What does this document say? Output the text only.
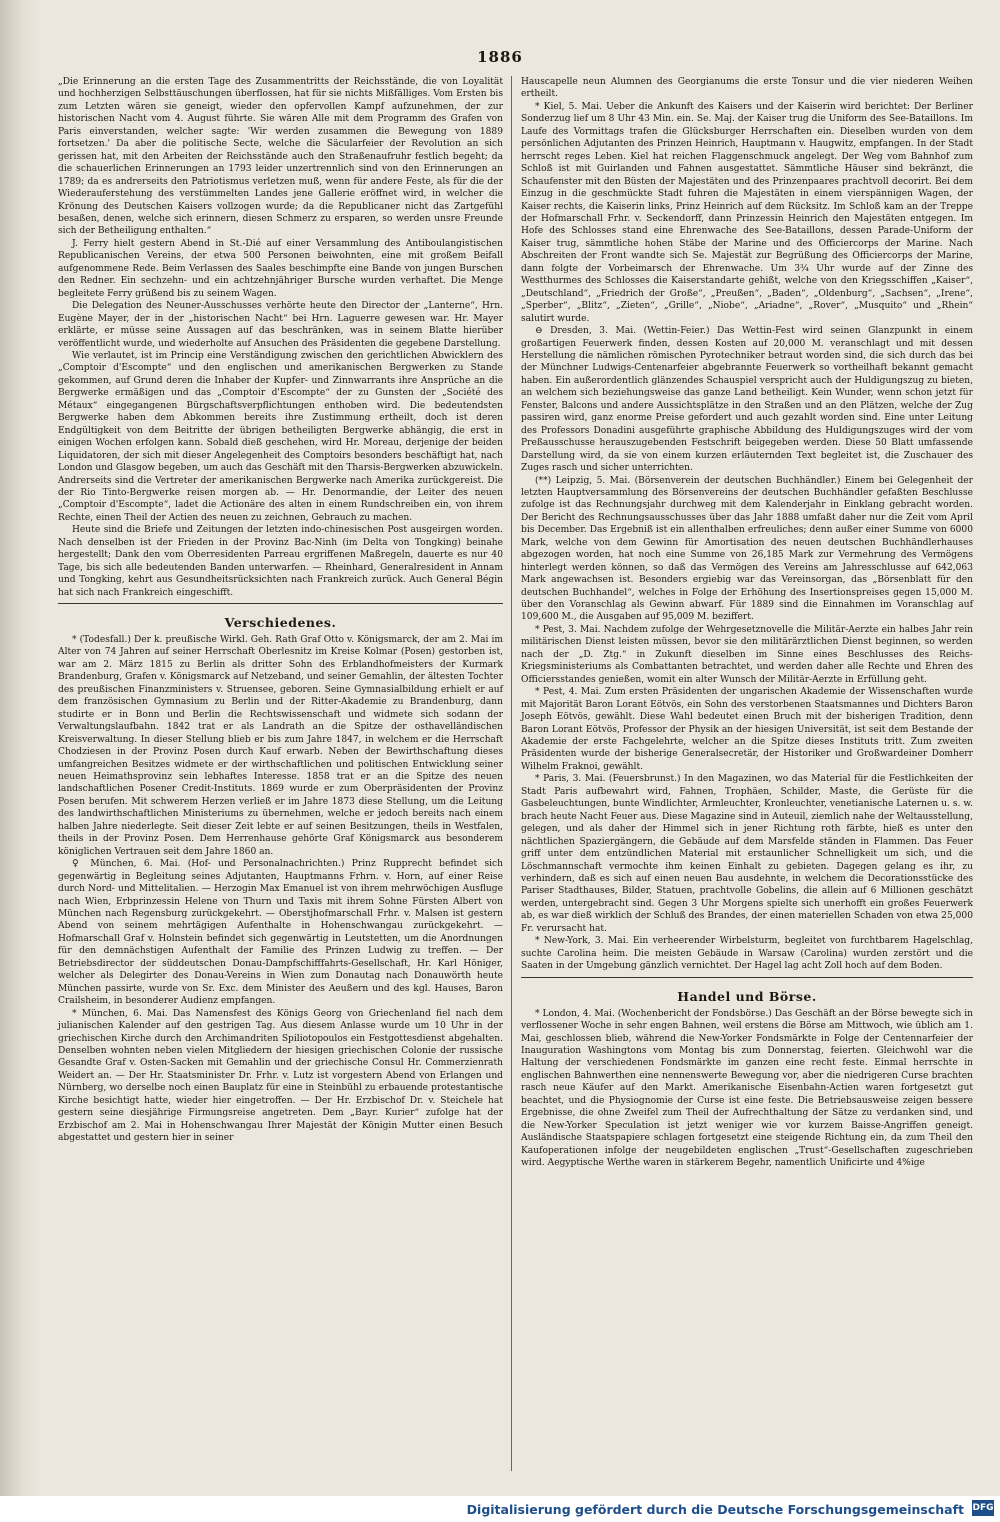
1886

„Die Erinnerung an die ersten Tage des Zusammentritts der Reichsstände, die von Loyalität und hochherzigen Selbsttäuschungen überflossen, hat für sie nichts Mißfälliges. Vom Ersten bis zum Letzten wären sie geneigt, wieder den opfervollen Kampf aufzunehmen, der zur historischen Nacht vom 4. August führte. Sie wären Alle mit dem Programm des Grafen von Paris einverstanden, welcher sagte: 'Wir werden zusammen die Bewegung von 1889 fortsetzen.' Da aber die politische Secte, welche die Säcularfeier der Revolution an sich gerissen hat, mit den Arbeiten der Reichsstände auch den Straßenaufruhr festlich begeht; da die schauerlichen Erinnerungen an 1793 leider unzertrennlich sind von den Erinnerungen an 1789; da es andrerseits den Patriotismus verletzen muß, wenn für andere Feste, als für die der Wiederauferstehung des verstümmelten Landes jene Gallerie eröffnet wird, in welcher die Krönung des Deutschen Kaisers vollzogen wurde; da die Republicaner nicht das Zartgefühl besaßen, denen, welche sich erinnern, diesen Schmerz zu ersparen, so werden unsre Freunde sich der Betheiligung enthalten.“

J. Ferry hielt gestern Abend in St.-Dié auf einer Versammlung des Antiboulangistischen Republicanischen Vereins, der etwa 500 Personen beiwohnten, eine mit großem Beifall aufgenommene Rede. Beim Verlassen des Saales beschimpfte eine Bande von jungen Burschen den Redner. Ein sechzehn- und ein achtzehnjähriger Bursche wurden verhaftet. Die Menge begleitete Ferry grüßend bis zu seinem Wagen.

Die Delegation des Neuner-Ausschusses verhörte heute den Director der „Lanterne“, Hrn. Eugène Mayer, der in der „historischen Nacht“ bei Hrn. Laguerre gewesen war. Hr. Mayer erklärte, er müsse seine Aussagen auf das beschränken, was in seinem Blatte hierüber veröffentlicht wurde, und wiederholte auf Ansuchen des Präsidenten die gegebene Darstellung.

Wie verlautet, ist im Princip eine Verständigung zwischen den gerichtlichen Abwicklern des „Comptoir d'Escompte“ und den englischen und amerikanischen Bergwerken zu Stande gekommen, auf Grund deren die Inhaber der Kupfer- und Zinnwarrants ihre Ansprüche an die Bergwerke ermäßigen und das „Comptoir d'Escompte“ der zu Gunsten der „Société des Métaux“ eingegangenen Bürgschaftsverpflichtungen enthoben wird. Die bedeutendsten Bergwerke haben dem Abkommen bereits ihre Zustimmung ertheilt, doch ist deren Endgültigkeit von dem Beitritte der übrigen betheiligten Bergwerke abhängig, die erst in einigen Wochen erfolgen kann. Sobald dieß geschehen, wird Hr. Moreau, derjenige der beiden Liquidatoren, der sich mit dieser Angelegenheit des Comptoirs besonders beschäftigt hat, nach London und Glasgow begeben, um auch das Geschäft mit den Tharsis-Bergwerken abzuwickeln. Andrerseits sind die Vertreter der amerikanischen Bergwerke nach Amerika zurückgereist. Die der Rio Tinto-Bergwerke reisen morgen ab. — Hr. Denormandie, der Leiter des neuen „Comptoir d'Escompte“, ladet die Actionäre des alten in einem Rundschreiben ein, von ihrem Rechte, einen Theil der Actien des neuen zu zeichnen, Gebrauch zu machen.

Heute sind die Briefe und Zeitungen der letzten indo-chinesischen Post ausgeirgen worden. Nach denselben ist der Frieden in der Provinz Bac-Ninh (im Delta von Tongking) beinahe hergestellt; Dank den vom Oberresidenten Parreau ergriffenen Maßregeln, dauerte es nur 40 Tage, bis sich alle bedeutenden Banden unterwarfen. — Rheinhard, Generalresident in Annam und Tongking, kehrt aus Gesundheitsrücksichten nach Frankreich zurück. Auch General Bégin hat sich nach Frankreich eingeschifft.

Verschiedenes.

* (Todesfall.) Der k. preußische Wirkl. Geh. Rath Graf Otto v. Königsmarck, der am 2. Mai im Alter von 74 Jahren auf seiner Herrschaft Oberlesnitz im Kreise Kolmar (Posen) gestorben ist, war am 2. März 1815 zu Berlin als dritter Sohn des Erblandhofmeisters der Kurmark Brandenburg, Grafen v. Königsmarck auf Netzeband, und seiner Gemahlin, der ältesten Tochter des preußischen Finanzministers v. Struensee, geboren. Seine Gymnasialbildung erhielt er auf dem französischen Gymnasium zu Berlin und der Ritter-Akademie zu Brandenburg, dann studirte er in Bonn und Berlin die Rechtswissenschaft und widmete sich sodann der Verwaltungslaufbahn. 1842 trat er als Landrath an die Spitze der osthavelländischen Kreisverwaltung. In dieser Stellung blieb er bis zum Jahre 1847, in welchem er die Herrschaft Chodziesen in der Provinz Posen durch Kauf erwarb. Neben der Bewirthschaftung dieses umfangreichen Besitzes widmete er der wirthschaftlichen und politischen Entwicklung seiner neuen Heimathsprovinz sein lebhaftes Interesse. 1858 trat er an die Spitze des neuen landschaftlichen Posener Credit-Instituts. 1869 wurde er zum Oberpräsidenten der Provinz Posen berufen. Mit schwerem Herzen verließ er im Jahre 1873 diese Stellung, um die Leitung des landwirthschaftlichen Ministeriums zu übernehmen, welche er jedoch bereits nach einem halben Jahre niederlegte. Seit dieser Zeit lebte er auf seinen Besitzungen, theils in Westfalen, theils in der Provinz Posen. Dem Herrenhause gehörte Graf Königsmarck aus besonderem königlichen Vertrauen seit dem Jahre 1860 an.

♀ München, 6. Mai. (Hof- und Personalnachrichten.) Prinz Rupprecht befindet sich gegenwärtig in Begleitung seines Adjutanten, Hauptmanns Frhrn. v. Horn, auf einer Reise durch Nord- und Mittelitalien. — Herzogin Max Emanuel ist von ihrem mehrwöchigen Ausfluge nach Wien, Erbprinzessin Helene von Thurn und Taxis mit ihrem Sohne Fürsten Albert von München nach Regensburg zurückgekehrt. — Oberstjhofmarschall Frhr. v. Malsen ist gestern Abend von seinem mehrtägigen Aufenthalte in Hohenschwangau zurückgekehrt. — Hofmarschall Graf v. Holnstein befindet sich gegenwärtig in Leutstetten, um die Anordnungen für den demnächstigen Aufenthalt der Familie des Prinzen Ludwig zu treffen. — Der Betriebsdirector der süddeutschen Donau-Dampfschifffahrts-Gesellschaft, Hr. Karl Höniger, welcher als Delegirter des Donau-Vereins in Wien zum Donautag nach Donauwörth heute München passirte, wurde von Sr. Exc. dem Minister des Aeußern und des kgl. Hauses, Baron Crailsheim, in besonderer Audienz empfangen.

* München, 6. Mai. Das Namensfest des Königs Georg von Griechenland fiel nach dem julianischen Kalender auf den gestrigen Tag. Aus diesem Anlasse wurde um 10 Uhr in der griechischen Kirche durch den Archimandriten Spiliotopoulos ein Festgottesdienst abgehalten. Denselben wohnten neben vielen Mitgliedern der hiesigen griechischen Colonie der russische Gesandte Graf v. Osten-Sacken mit Gemahlin und der griechische Consul Hr. Commerzienrath Weidert an. — Der Hr. Staatsminister Dr. Frhr. v. Lutz ist vorgestern Abend von Erlangen und Nürnberg, wo derselbe noch einen Bauplatz für eine in Steinbühl zu erbauende protestantische Kirche besichtigt hatte, wieder hier eingetroffen. — Der Hr. Erzbischof Dr. v. Steichele hat gestern seine diesjährige Firmungsreise angetreten. Dem „Bayr. Kurier“ zufolge hat der Erzbischof am 2. Mai in Hohenschwangau Ihrer Majestät der Königin Mutter einen Besuch abgestattet und gestern hier in seiner

Hauscapelle neun Alumnen des Georgianums die erste Tonsur und die vier niederen Weihen ertheilt.

* Kiel, 5. Mai. Ueber die Ankunft des Kaisers und der Kaiserin wird berichtet: Der Berliner Sonderzug lief um 8 Uhr 43 Min. ein. Se. Maj. der Kaiser trug die Uniform des See-Bataillons. Im Laufe des Vormittags trafen die Glücksburger Herrschaften ein. Dieselben wurden von dem persönlichen Adjutanten des Prinzen Heinrich, Hauptmann v. Haugwitz, empfangen. In der Stadt herrscht reges Leben. Kiel hat reichen Flaggenschmuck angelegt. Der Weg vom Bahnhof zum Schloß ist mit Guirlanden und Fahnen ausgestattet. Sämmtliche Häuser sind bekränzt, die Schaufenster mit den Büsten der Majestäten und des Prinzenpaares prachtvoll decorirt. Bei dem Einzug in die geschmückte Stadt fuhren die Majestäten in einem vierspännigen Wagen, der Kaiser rechts, die Kaiserin links, Prinz Heinrich auf dem Rücksitz. Im Schloß kam an der Treppe der Hofmarschall Frhr. v. Seckendorff, dann Prinzessin Heinrich den Majestäten entgegen. Im Hofe des Schlosses stand eine Ehrenwache des See-Bataillons, dessen Parade-Uniform der Kaiser trug, sämmtliche hohen Stäbe der Marine und des Officiercorps der Marine. Nach Abschreiten der Front wandte sich Se. Majestät zur Begrüßung des Officiercorps der Marine, dann folgte der Vorbeimarsch der Ehrenwache. Um 3¾ Uhr wurde auf der Zinne des Westthurmes des Schlosses die Kaiserstandarte gehißt, welche von den Kriegsschiffen „Kaiser“, „Deutschland“, „Friedrich der Große“, „Preußen“, „Baden“, „Oldenburg“, „Sachsen“, „Irene“, „Sperber“, „Blitz“, „Zieten“, „Grille“, „Niobe“, „Ariadne“, „Rover“, „Musquito“ und „Rhein“ salutirt wurde.

⊖ Dresden, 3. Mai. (Wettin-Feier.) Das Wettin-Fest wird seinen Glanzpunkt in einem großartigen Feuerwerk finden, dessen Kosten auf 20,000 M. veranschlagt und mit dessen Herstellung die nämlichen römischen Pyrotechniker betraut worden sind, die sich durch das bei der Münchner Ludwigs-Centenarfeier abgebrannte Feuerwerk so vortheilhaft bekannt gemacht haben. Ein außerordentlich glänzendes Schauspiel verspricht auch der Huldigungszug zu bieten, an welchem sich beziehungsweise das ganze Land betheiligt. Kein Wunder, wenn schon jetzt für Fenster, Balcons und andere Aussichtsplätze in den Straßen und an den Plätzen, welche der Zug passiren wird, ganz enorme Preise gefordert und auch gezahlt worden sind. Eine unter Leitung des Professors Donadini ausgeführte graphische Abbildung des Huldigungszuges wird der vom Preßausschusse herauszugebenden Festschrift beigegeben werden. Diese 50 Blatt umfassende Darstellung wird, da sie von einem kurzen erläuternden Text begleitet ist, die Zuschauer des Zuges rasch und sicher unterrichten.

(**) Leipzig, 5. Mai. (Börsenverein der deutschen Buchhändler.) Einem bei Gelegenheit der letzten Hauptversammlung des Börsenvereins der deutschen Buchhändler gefaßten Beschlusse zufolge ist das Rechnungsjahr durchweg mit dem Kalenderjahr in Einklang gebracht worden. Der Bericht des Rechnungsausschusses über das Jahr 1888 umfaßt daher nur die Zeit vom April bis December. Das Ergebniß ist ein allenthalben erfreuliches; denn außer einer Summe von 6000 Mark, welche von dem Gewinn für Amortisation des neuen deutschen Buchhändlerhauses abgezogen worden, hat noch eine Summe von 26,185 Mark zur Vermehrung des Vermögens hinterlegt werden können, so daß das Vermögen des Vereins am Jahresschlusse auf 642,063 Mark angewachsen ist. Besonders ergiebig war das Vereinsorgan, das „Börsenblatt für den deutschen Buchhandel“, welches in Folge der Erhöhung des Insertionspreises gegen 15,000 M. über den Voranschlag als Gewinn abwarf. Für 1889 sind die Einnahmen im Voranschlag auf 109,600 M., die Ausgaben auf 95,009 M. beziffert.

* Pest, 3. Mai. Nachdem zufolge der Wehrgesetznovelle die Militär-Aerzte ein halbes Jahr rein militärischen Dienst leisten müssen, bevor sie den militärärztlichen Dienst beginnen, so werden nach der „D. Ztg.“ in Zukunft dieselben im Sinne eines Beschlusses des Reichs-Kriegsministeriums als Combattanten betrachtet, und werden daher alle Rechte und Ehren des Officiersstandes genießen, womit ein alter Wunsch der Militär-Aerzte in Erfüllung geht.

* Pest, 4. Mai. Zum ersten Präsidenten der ungarischen Akademie der Wissenschaften wurde mit Majorität Baron Lorant Eötvös, ein Sohn des verstorbenen Staatsmannes und Dichters Baron Joseph Eötvös, gewählt. Diese Wahl bedeutet einen Bruch mit der bisherigen Tradition, denn Baron Lorant Eötvös, Professor der Physik an der hiesigen Universität, ist seit dem Bestande der Akademie der erste Fachgelehrte, welcher an die Spitze dieses Instituts tritt. Zum zweiten Präsidenten wurde der bisherige Generalsecretär, der Historiker und Großwardeiner Domherr Wilhelm Fraknoi, gewählt.

* Paris, 3. Mai. (Feuersbrunst.) In den Magazinen, wo das Material für die Festlichkeiten der Stadt Paris aufbewahrt wird, Fahnen, Trophäen, Schilder, Maste, die Gerüste für die Gasbeleuchtungen, bunte Windlichter, Armleuchter, Kronleuchter, venetianische Laternen u. s. w. brach heute Nacht Feuer aus. Diese Magazine sind in Auteuil, ziemlich nahe der Weltausstellung, gelegen, und als daher der Himmel sich in jener Richtung roth färbte, hieß es unter den nächtlichen Spaziergängern, die Gebäude auf dem Marsfelde ständen in Flammen. Das Feuer griff unter dem entzündlichen Material mit erstaunlicher Schnelligkeit um sich, und die Löschmannschaft vermochte ihm keinen Einhalt zu gebieten. Dagegen gelang es ihr, zu verhindern, daß es sich auf einen neuen Bau ausdehnte, in welchem die Decorationsstücke des Pariser Stadthauses, Bilder, Statuen, prachtvolle Gobelins, die allein auf 6 Millionen geschätzt werden, untergebracht sind. Gegen 3 Uhr Morgens spielte sich unerhofft ein großes Feuerwerk ab, es war dieß wirklich der Schluß des Brandes, der einen materiellen Schaden von etwa 25,000 Fr. verursacht hat.

* New-York, 3. Mai. Ein verheerender Wirbelsturm, begleitet von furchtbarem Hagelschlag, suchte Carolina heim. Die meisten Gebäude in Warsaw (Carolina) wurden zerstört und die Saaten in der Umgebung gänzlich vernichtet. Der Hagel lag acht Zoll hoch auf dem Boden.

Handel und Börse.

* London, 4. Mai. (Wochenbericht der Fondsbörse.) Das Geschäft an der Börse bewegte sich in verflossener Woche in sehr engen Bahnen, weil erstens die Börse am Mittwoch, wie üblich am 1. Mai, geschlossen blieb, während die New-Yorker Fondsmärkte in Folge der Centennarfeier der Inauguration Washingtons vom Montag bis zum Donnerstag, feierten. Gleichwohl war die Haltung der verschiedenen Fondsmärkte im ganzen eine recht feste. Einmal herrschte in englischen Bahnwerthen eine nennenswerte Bewegung vor, aber die niedrigeren Curse brachten rasch neue Käufer auf den Markt. Amerikanische Eisenbahn-Actien waren fortgesetzt gut beachtet, und die Physiognomie der Curse ist eine feste. Die Betriebsausweise zeigen bessere Ergebnisse, die ohne Zweifel zum Theil der Aufrechthaltung der Sätze zu verdanken sind, und die New-Yorker Speculation ist jetzt weniger wie vor kurzem Baisse-Angriffen geneigt. Ausländische Staatspapiere schlagen fortgesetzt eine steigende Richtung ein, da zum Theil den Kaufoperationen infolge der neugebildeten englischen „Trust“-Gesellschaften zugeschrieben wird. Aegyptische Werthe waren in stärkerem Begehr, namentlich Unificirte und 4%ige

Digitalisierung gefördert durch die Deutsche Forschungsgemeinschaft DFG
